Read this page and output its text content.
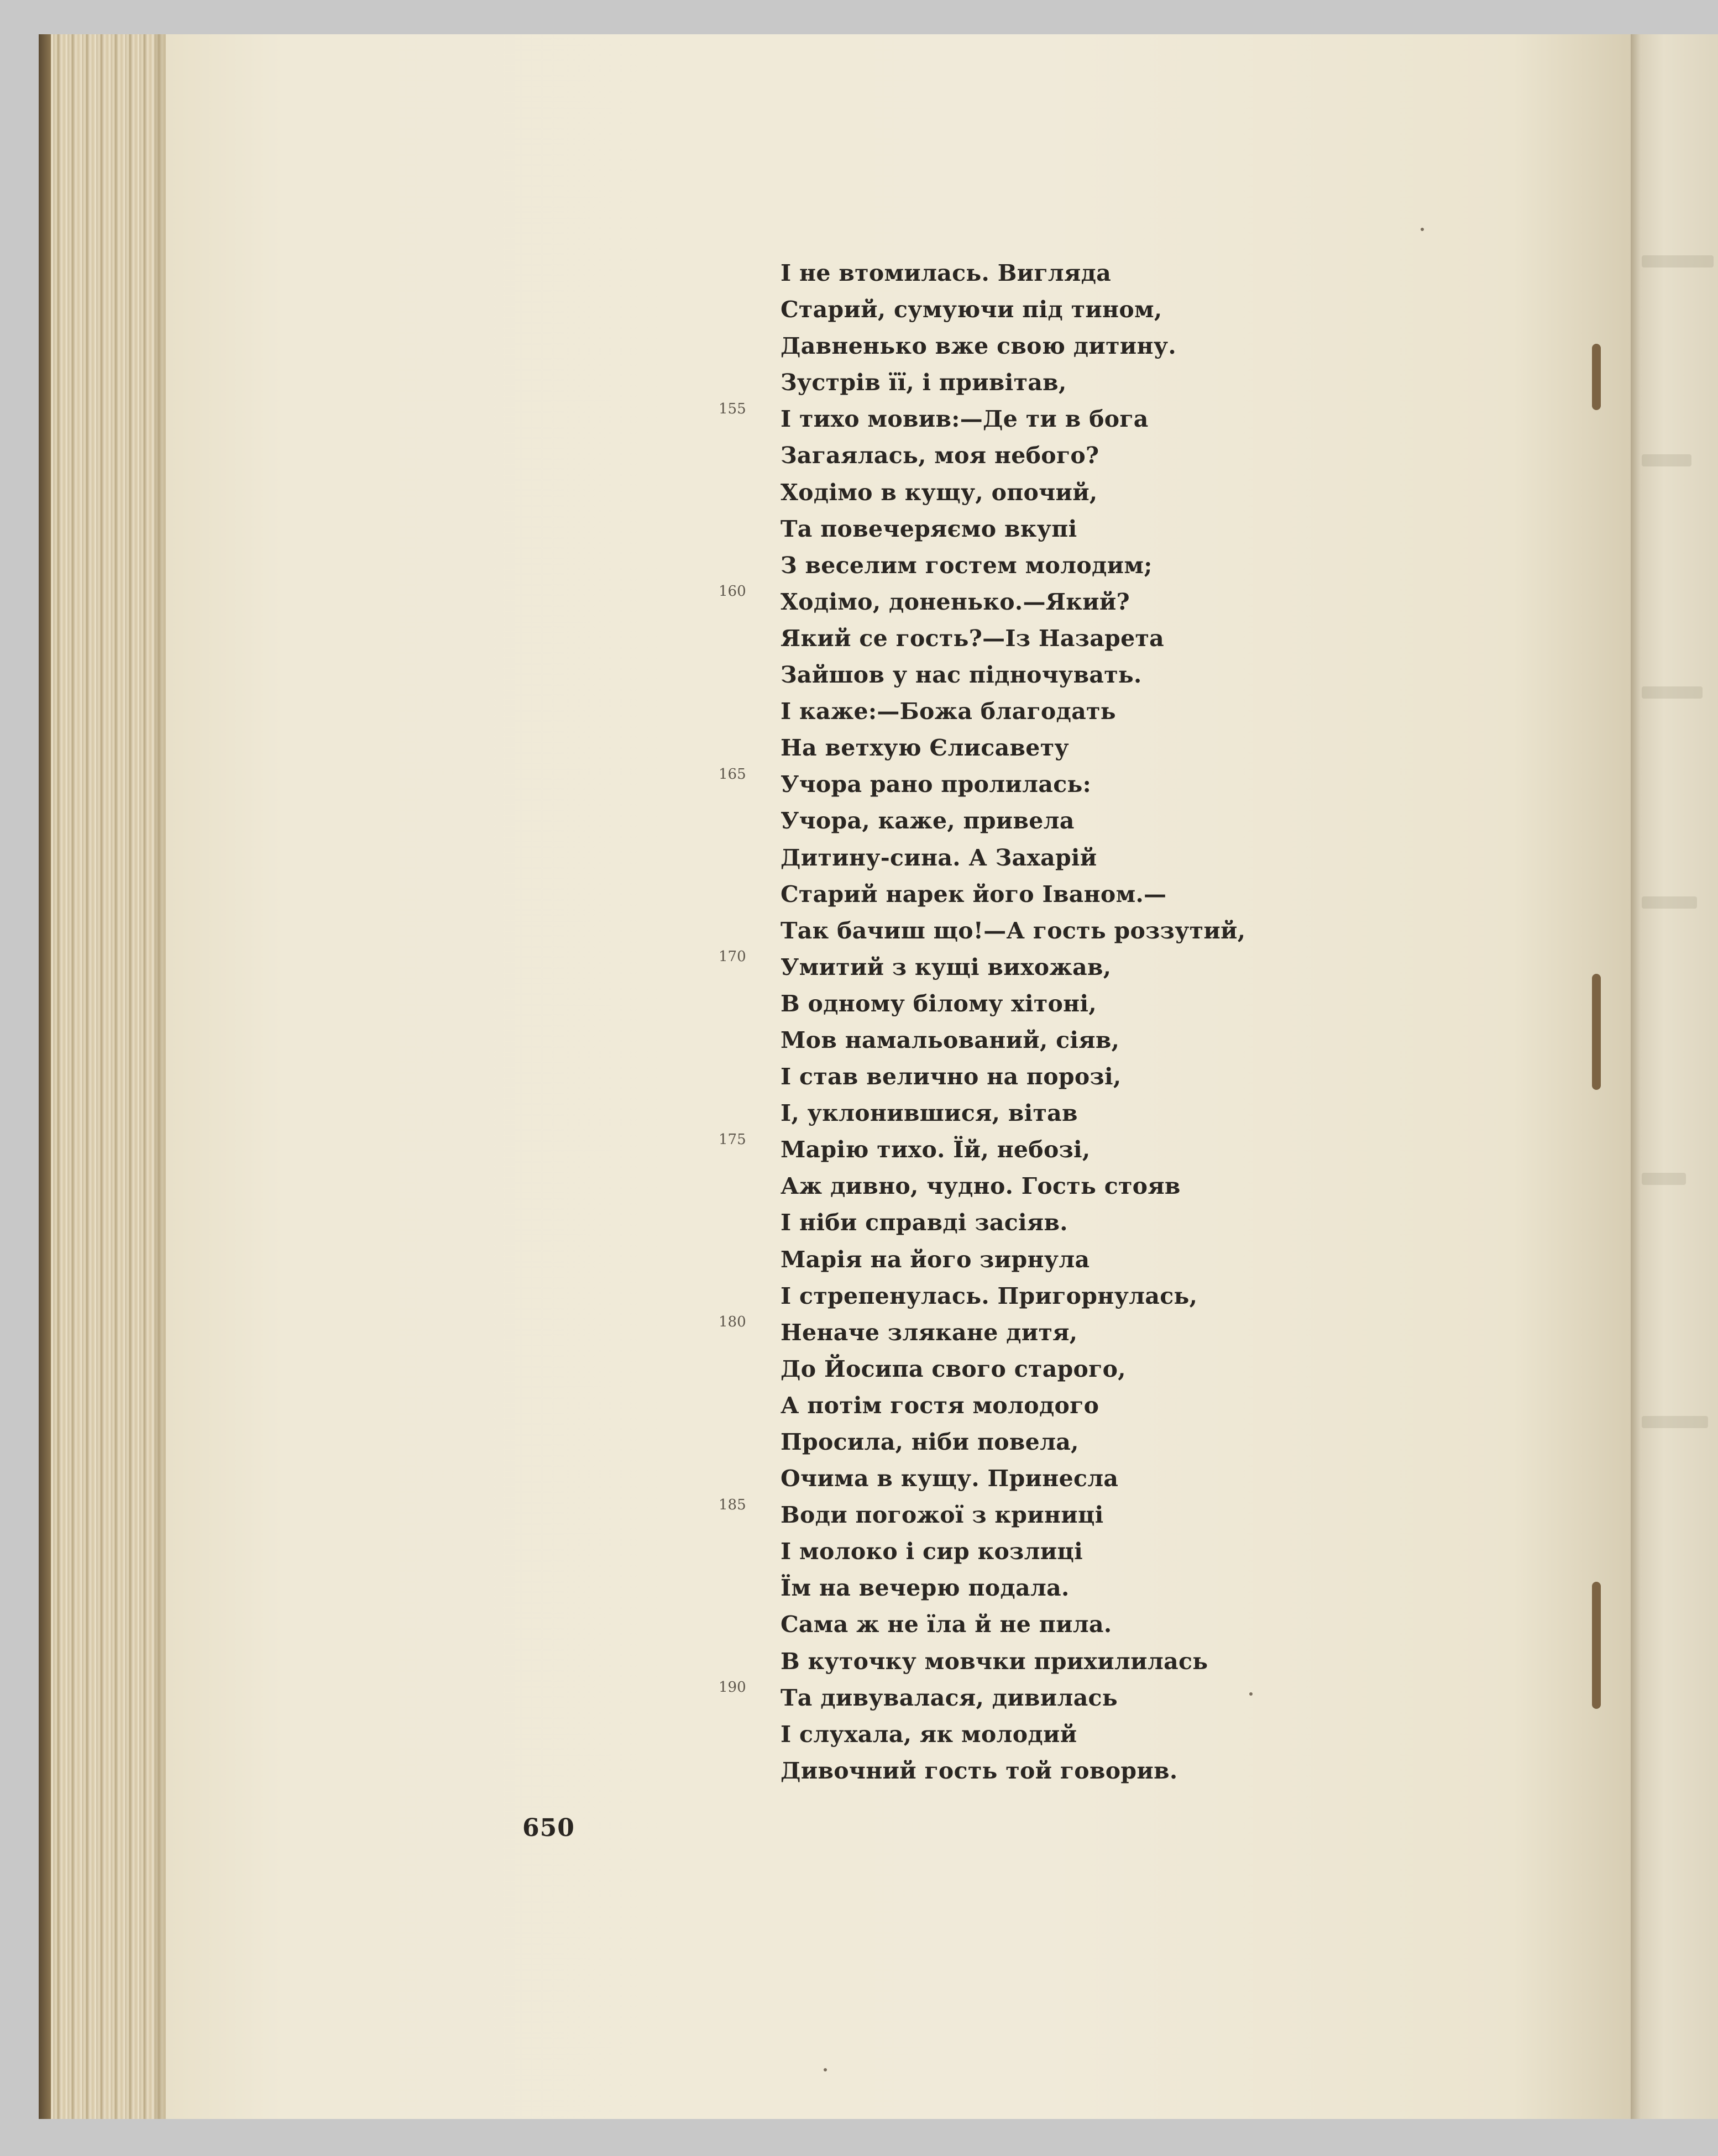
І не втомилась. Вигляда
Старий, сумуючи під тином,
Давненько вже свою дитину.
Зустрів її, і привітав,
І тихо мовив:—Де ти в бога
Загаялась, моя небого?
Ходімо в кущу, опочий,
Та повечеряємо вкупі
З веселим гостем молодим;
Ходімо, доненько.—Який?
Який се гость?—Із Назарета
Зайшов у нас підночувать.
І каже:—Божа благодать
На ветхую Єлисавету
Учора рано пролилась:
Учора, каже, привела
Дитину-сина. А Захарій
Старий нарек його Іваном.—
Так бачиш що!—А гость роззутий,
Умитий з кущі вихожав,
В одному білому хітоні,
Мов намальований, сіяв,
І став велично на порозі,
І, уклонившися, вітав
Марію тихо. Їй, небозі,
Аж дивно, чудно. Гость стояв
І ніби справді засіяв.
Марія на його зирнула
І стрепенулась. Пригорнулась,
Неначе злякане дитя,
До Йосипа свого старого,
А потім гостя молодого
Просила, ніби повела,
Очима в кущу. Принесла
Води погожої з криниці
І молоко і сир козлиці
Їм на вечерю подала.
Сама ж не їла й не пила.
В куточку мовчки прихилилась
Та дивувалася, дивилась
І слухала, як молодий
Дивочний гость той говорив.
155
160
165
170
175
180
185
190
650
